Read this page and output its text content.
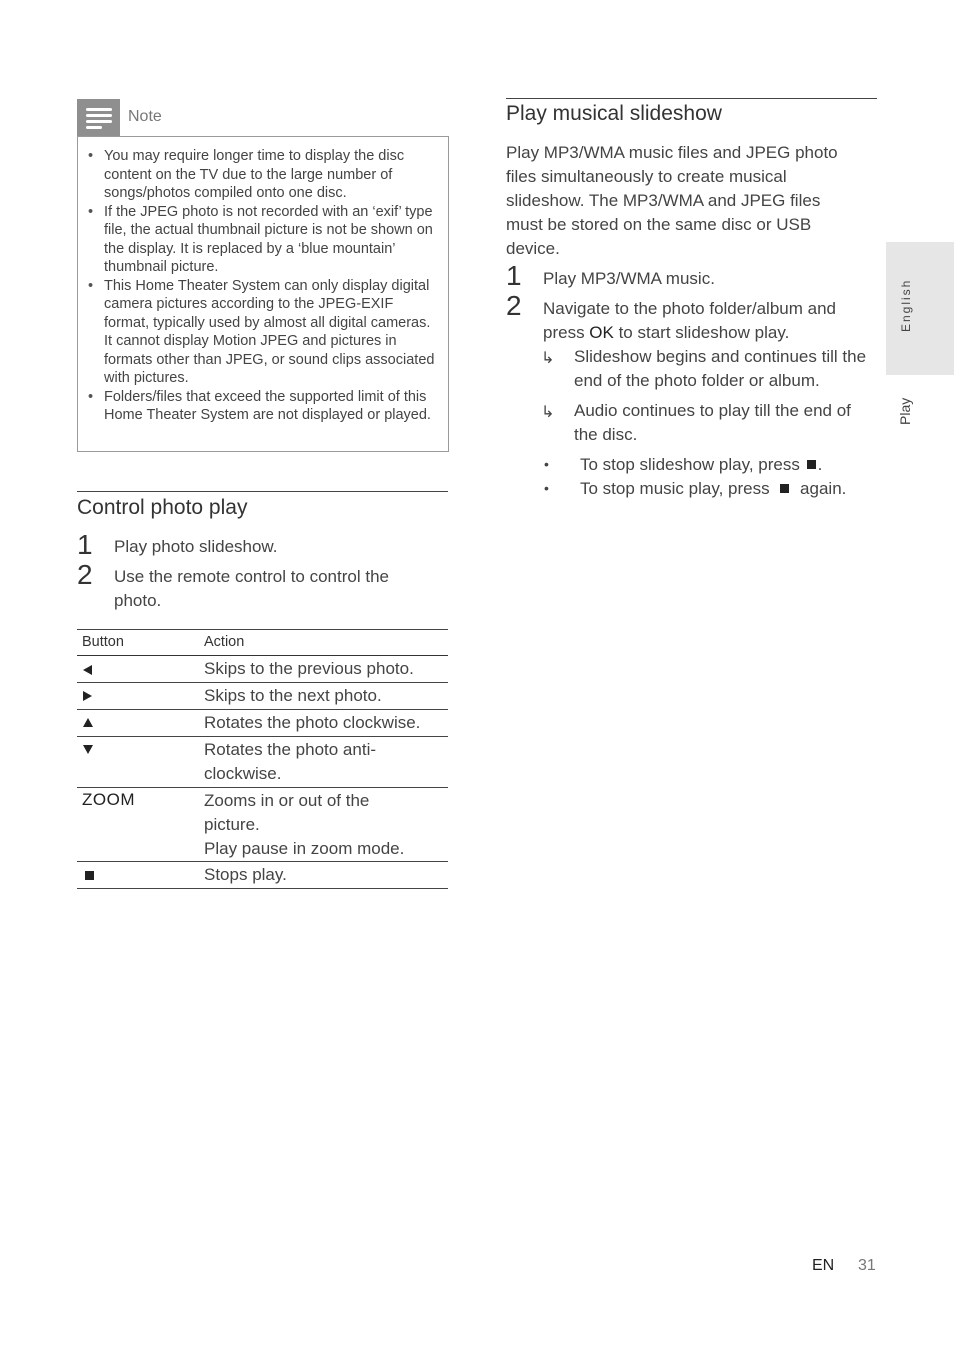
Note
• You may require longer time to display the disc content on the TV due to the large number of songs/photos compiled onto one disc.
• If the JPEG photo is not recorded with an ‘exif’ type file, the actual thumbnail picture is not be shown on the display. It is replaced by a ‘blue mountain’ thumbnail picture.
• This Home Theater System can only display digital camera pictures according to the JPEG-EXIF format, typically used by almost all digital cameras. It cannot display Motion JPEG and pictures in formats other than JPEG, or sound clips associated with pictures.
• Folders/files that exceed the supported limit of this Home Theater System are not displayed or played.
Control photo play
1 Play photo slideshow.
2 Use the remote control to control the photo.
Button	Action
Skips to the previous photo.
Skips to the next photo.
Rotates the photo clockwise.
Rotates the photo anti-clockwise.
ZOOM	Zooms in or out of the picture.
Play pause in zoom mode.
Stops play.
Play musical slideshow
Play MP3/WMA music files and JPEG photo files simultaneously to create musical slideshow. The MP3/WMA and JPEG files must be stored on the same disc or USB device.
1 Play MP3/WMA music.
2 Navigate to the photo folder/album and press OK to start slideshow play.
↳ Slideshow begins and continues till the end of the photo folder or album.
↳ Audio continues to play till the end of the disc.
• To stop slideshow play, press .
• To stop music play, press  again.
English
Play
EN 31
